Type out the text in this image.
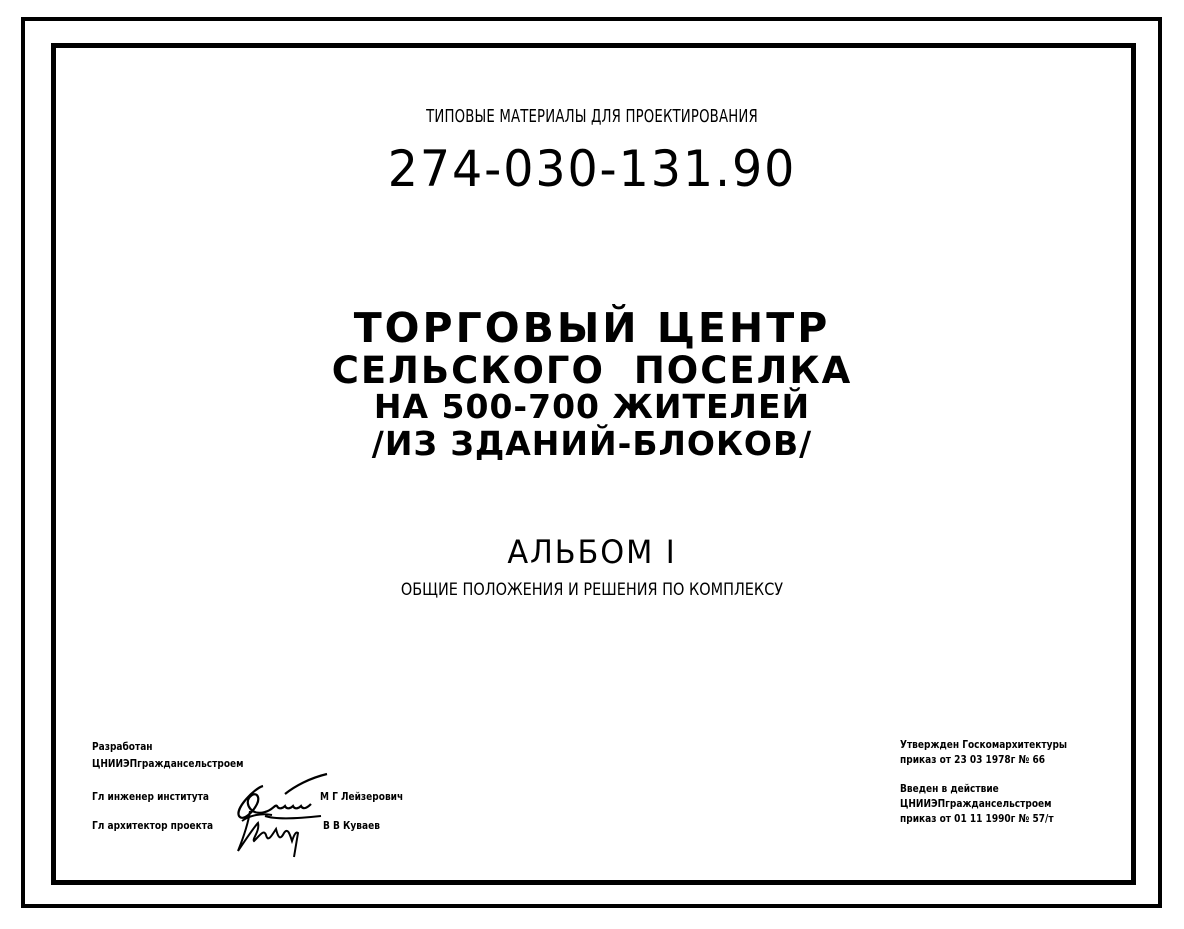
ТИПОВЫЕ МАТЕРИАЛЫ ДЛЯ ПРОЕКТИРОВАНИЯ
274-030-131.90
ТОРГОВЫЙ ЦЕНТР
СЕЛЬСКОГО ПОСЕЛКА
НА 500-700 ЖИТЕЛЕЙ
/ИЗ ЗДАНИЙ-БЛОКОВ/
АЛЬБОМ I
ОБЩИЕ ПОЛОЖЕНИЯ И РЕШЕНИЯ ПО КОМПЛЕКСУ
Разработан
ЦНИИЭПграждансельстроем
Гл инженер института	М Г Лейзерович
Гл архитектор проекта	В В Куваев
Утвержден Госкомархитектуры
приказ от 23 03 1978г № 66
Введен в действие
ЦНИИЭПграждансельстроем
приказ от 01 11 1990г № 57/т
